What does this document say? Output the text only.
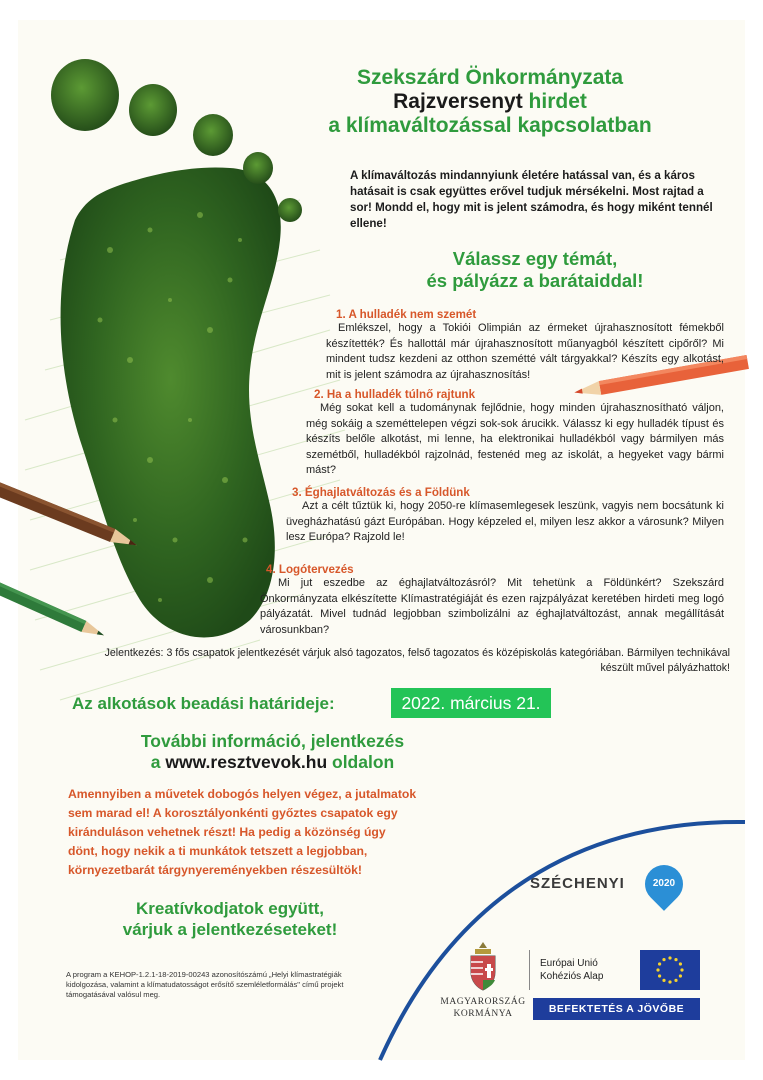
Szekszárd Önkormányzata
Rajzversenyt hirdet
a klímaváltozással kapcsolatban
A klímaváltozás mindannyiunk életére hatással van, és a káros hatásait is csak együttes erővel tudjuk mérsékelni. Most rajtad a sor! Mondd el, hogy mit is jelent számodra, és hogy miként tennél ellene!
Válassz egy témát,
és pályázz a barátaiddal!
1. A hulladék nem szemét
Emlékszel, hogy a Tokiói Olimpián az érmeket újrahasznosított fémekből készítették? És hallottál már újrahasznosított műanyagból készített cipőről? Mi mindent tudsz kezdeni az otthon szemétté vált tárgyakkal? Készíts egy alkotást, mit is jelent számodra az újrahasznosítás!
2. Ha a hulladék túlnő rajtunk
Még sokat kell a tudománynak fejlődnie, hogy minden újrahasznosítható váljon, még sokáig a szeméttelepen végzi sok-sok árucikk. Válassz ki egy hulladék típust és készíts belőle alkotást, mi lenne, ha elektronikai hulladékból vagy bármilyen más szemétből, hulladékból rajzolnád, festenéd meg az iskolát, a hegyeket vagy bármi mást?
3. Éghajlatváltozás és a Földünk
Azt a célt tűztük ki, hogy 2050-re klímasemlegesek leszünk, vagyis nem bocsátunk ki üvegházhatású gázt Európában. Hogy képzeled el, milyen lesz akkor a városunk? Milyen lesz Európa? Rajzold le!
4. Logótervezés
Mi jut eszedbe az éghajlatváltozásról? Mit tehetünk a Földünkért? Szekszárd Önkormányzata elkészítette Klímastratégiáját és ezen rajzpályázat keretében hirdeti meg logó pályázatát. Mivel tudnád legjobban szimbolizálni az éghajlatváltozást, annak megállítását városunkban?
Jelentkezés: 3 fős csapatok jelentkezését várjuk alsó tagozatos, felső tagozatos és középiskolás kategóriában. Bármilyen technikával készült művel pályázhattok!
Az alkotások beadási határideje:	2022. március 21.
További információ, jelentkezés
a www.resztvevok.hu oldalon
Amennyiben a művetek dobogós helyen végez, a jutalmatok sem marad el! A korosztályonkénti győztes csapatok egy kiránduláson vehetnek részt! Ha pedig a közönség úgy dönt, hogy nekik a ti munkátok tetszett a legjobban, környezetbarát tárgynyereményekben részesültök!
Kreatívkodjatok együtt,
várjuk a jelentkezéseteket!
A program a KEHOP-1.2.1-18-2019-00243 azonosítószámú „Helyi klímastratégiák kidolgozása, valamint a klímatudatosságot erősítő szemléletformálás" című projekt támogatásával valósul meg.
SZÉCHENYI	2020
MAGYARORSZÁG
KORMÁNYA
Európai Unió
Kohéziós Alap
BEFEKTETÉS A JÖVŐBE
